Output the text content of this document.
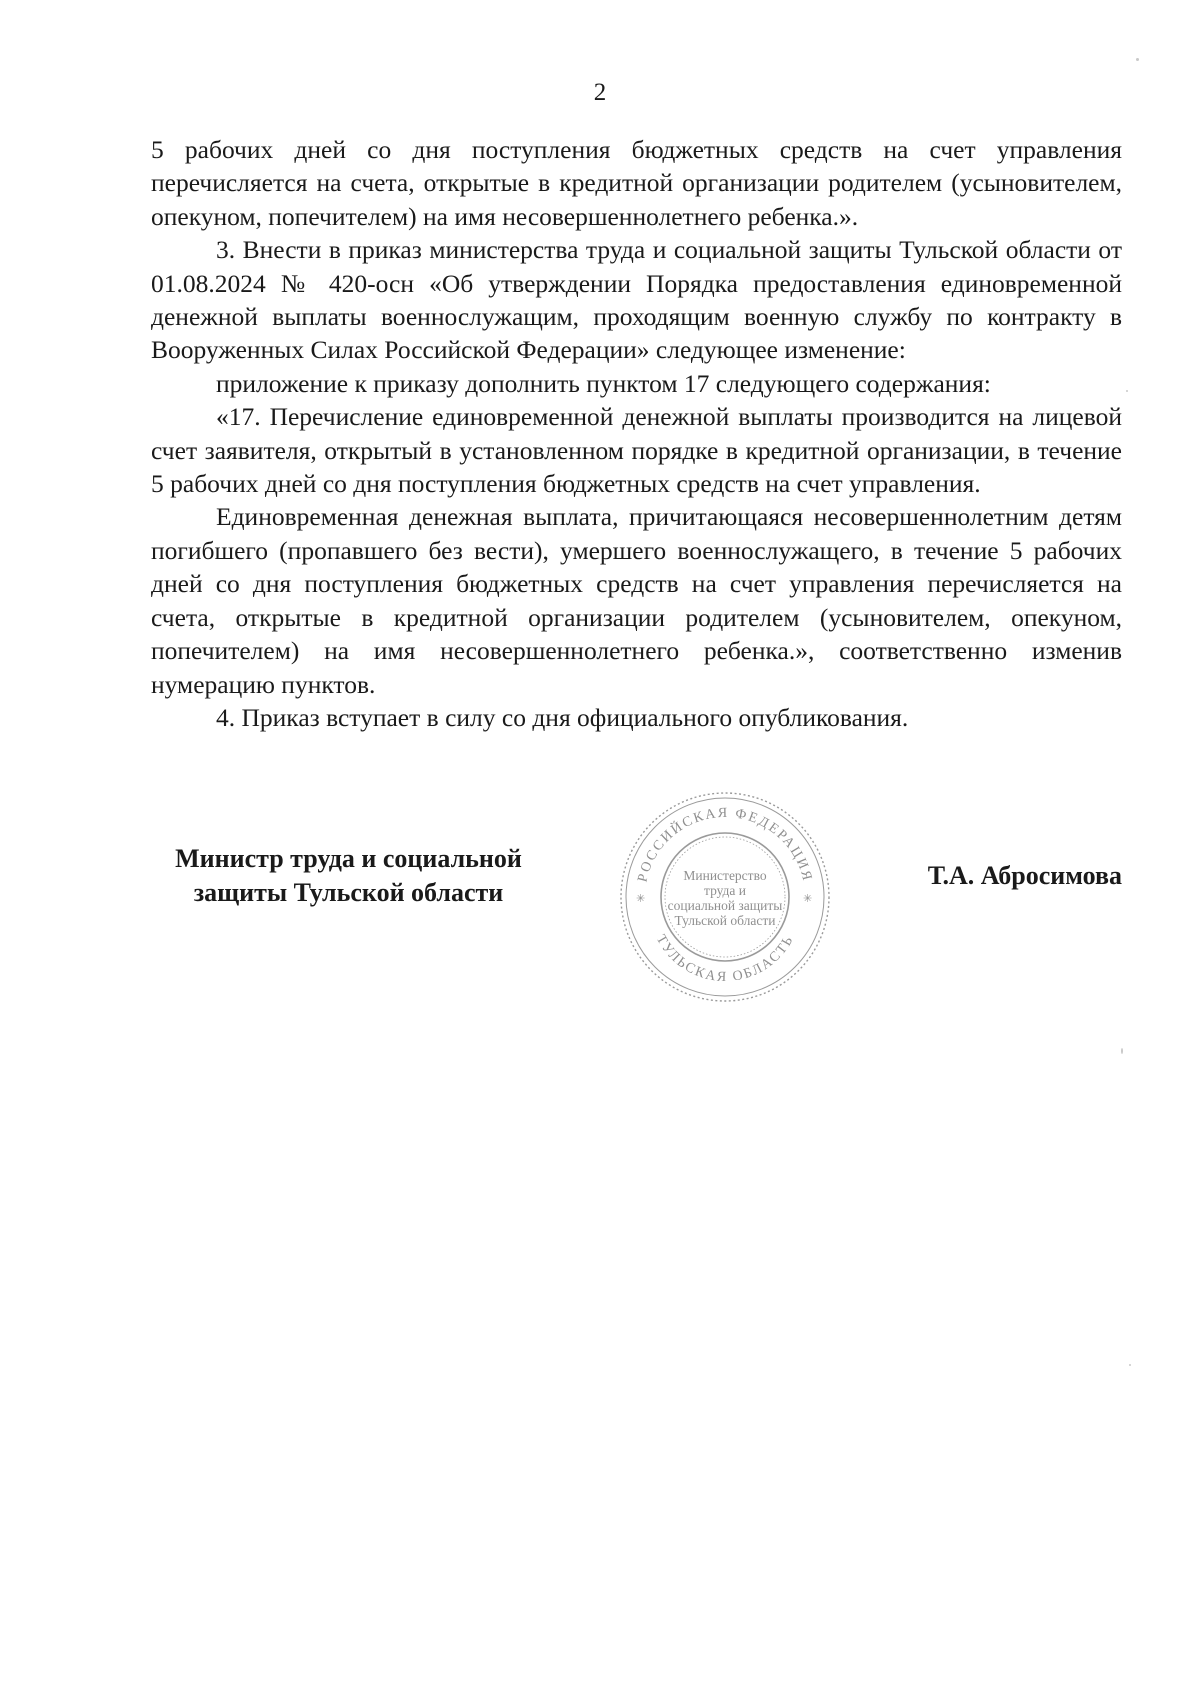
2

5 рабочих дней со дня поступления бюджетных средств на счет управления перечисляется на счета, открытые в кредитной организации родителем (усыновителем, опекуном, попечителем) на имя несовершеннолетнего ребенка.».

3. Внести в приказ министерства труда и социальной защиты Тульской области от 01.08.2024 № 420-осн «Об утверждении Порядка предоставления единовременной денежной выплаты военнослужащим, проходящим военную службу по контракту в Вооруженных Силах Российской Федерации» следующее изменение:

приложение к приказу дополнить пунктом 17 следующего содержания:

«17. Перечисление единовременной денежной выплаты производится на лицевой счет заявителя, открытый в установленном порядке в кредитной организации, в течение 5 рабочих дней со дня поступления бюджетных средств на счет управления.

Единовременная денежная выплата, причитающаяся несовершеннолетним детям погибшего (пропавшего без вести), умершего военнослужащего, в течение 5 рабочих дней со дня поступления бюджетных средств на счет управления перечисляется на счета, открытые в кредитной организации родителем (усыновителем, опекуном, попечителем) на имя несовершеннолетнего ребенка.», соответственно изменив нумерацию пунктов.

4. Приказ вступает в силу со дня официального опубликования.

Министр труда и социальной
защиты Тульской области
РОССИЙСКАЯ ФЕДЕРАЦИЯ
ТУЛЬСКАЯ ОБЛАСТЬ
Министерство
труда и
социальной защиты
Тульской области
✳	✳
Т.А. Абросимова
